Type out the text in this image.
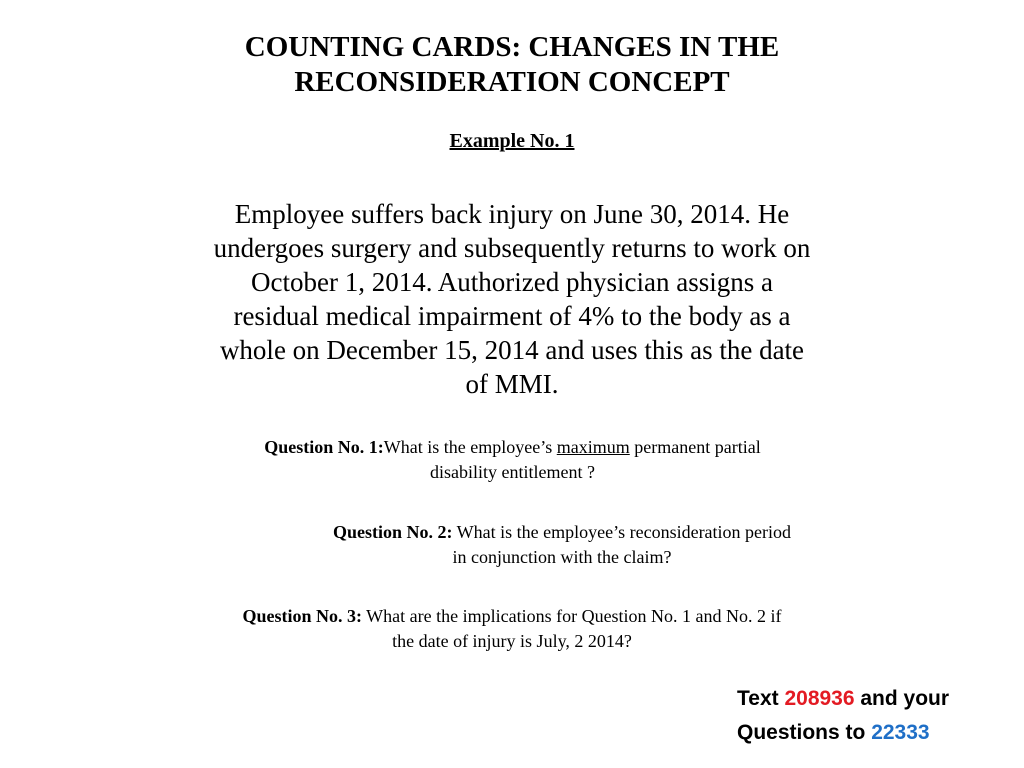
COUNTING CARDS: CHANGES IN THE
RECONSIDERATION CONCEPT
Example No. 1
Employee suffers back injury on June 30, 2014. He
undergoes surgery and subsequently returns to work on
October 1, 2014. Authorized physician assigns a
residual medical impairment of 4% to the body as a
whole on December 15, 2014 and uses this as the date
of MMI.
Question No. 1:What is the employee’s maximum permanent partial
disability entitlement ?
Question No. 2: What is the employee’s reconsideration period
in conjunction with the claim?
Question No. 3: What are the implications for Question No. 1 and No. 2 if
the date of injury is July, 2 2014?
Text 208936 and your
Questions to 22333
